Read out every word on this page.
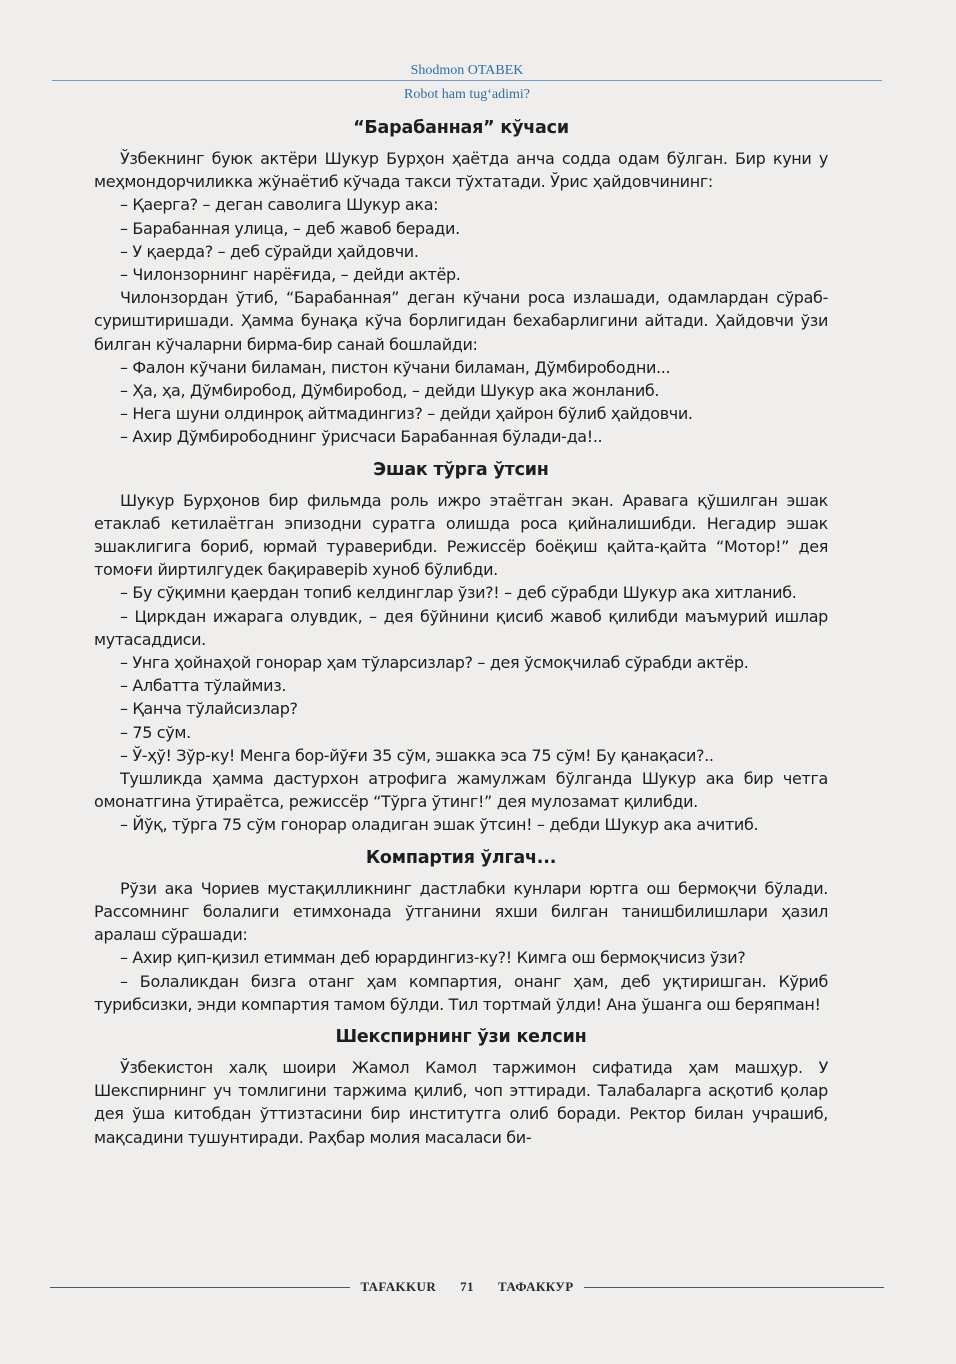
Shodmon OTABEK
Robot ham tug‘adimi?
“Барабанная” кўчаси

Ўзбекнинг буюк актёри Шукур Бурҳон ҳаётда анча содда одам бўлган. Бир куни у меҳмондорчиликка жўнаётиб кўчада такси тўхтатади. Ўрис ҳайдовчининг:

– Қаерга? – деган саволига Шукур ака:

– Барабанная улица, – деб жавоб беради.

– У қаерда? – деб сўрайди ҳайдовчи.

– Чилонзорнинг нарёғида, – дейди актёр.

Чилонзордан ўтиб, “Барабанная” деган кўчани роса излашади, одамлардан сўраб-суриштиришади. Ҳамма бунақа кўча борлигидан бехабарлигини айтади. Ҳайдовчи ўзи билган кўчаларни бирма-бир санай бошлайди:

– Фалон кўчани биламан, пистон кўчани биламан, Дўмбирободни...

– Ҳа, ҳа, Дўмбиробод, Дўмбиробод, – дейди Шукур ака жонланиб.

– Нега шуни олдинроқ айтмадингиз? – дейди ҳайрон бўлиб ҳайдовчи.

– Ахир Дўмбирободнинг ўрисчаси Барабанная бўлади-да!..

Эшак тўрга ўтсин

Шукур Бурҳонов бир фильмда роль ижро этаётган экан. Аравага қўшилган эшак етаклаб кетилаётган эпизодни суратга олишда роса қийналишибди. Негадир эшак эшаклигига бориб, юрмай тураверибди. Режиссёр боёқиш қайта-қайта “Мотор!” дея томоғи йиртилгудек бақираверib хуноб бўлибди.

– Бу сўқимни қаердан топиб келдинглар ўзи?! – деб сўрабди Шукур ака хитланиб.

– Циркдан ижарага олувдик, – дея бўйнини қисиб жавоб қилибди маъмурий ишлар мутасаддиси.

– Унга ҳойнаҳой гонорар ҳам тўларсизлар? – дея ўсмоқчилаб сўрабди актёр.

– Албатта тўлаймиз.

– Қанча тўлайсизлар?

– 75 сўм.

– Ў-ҳў! Зўр-ку! Менга бор-йўғи 35 сўм, эшакка эса 75 сўм! Бу қанақаси?..

Тушликда ҳамма дастурхон атрофига жамулжам бўлганда Шукур ака бир четга омонатгина ўтираётса, режиссёр “Тўрга ўтинг!” дея мулозамат қилибди.

– Йўқ, тўрга 75 сўм гонорар оладиган эшак ўтсин! – дебди Шукур ака ачитиб.

Компартия ўлгач...

Рўзи ака Чориев мустақилликнинг дастлабки кунлари юртга ош бермоқчи бўлади. Рассомнинг болалиги етимхонада ўтганини яхши билган танишбилишлари ҳазил аралаш сўрашади:

– Ахир қип-қизил етимман деб юрардингиз-ку?! Кимга ош бермоқчисиз ўзи?

– Болаликдан бизга отанг ҳам компартия, онанг ҳам, деб уқтиришган. Кўриб турибсизки, энди компартия тамом бўлди. Тил тортмай ўлди! Ана ўшанга ош беряпман!

Шекспирнинг ўзи келсин

Ўзбекистон халқ шоири Жамол Камол таржимон сифатида ҳам машҳур. У Шекспирнинг уч томлигини таржима қилиб, чоп эттиради. Талабаларга асқотиб қолар дея ўша китобдан ўттизтасини бир институтга олиб боради. Ректор билан учрашиб, мақсадини тушунтиради. Раҳбар молия масаласи би-

TAFAKKUR	71	ТАФАККУР
